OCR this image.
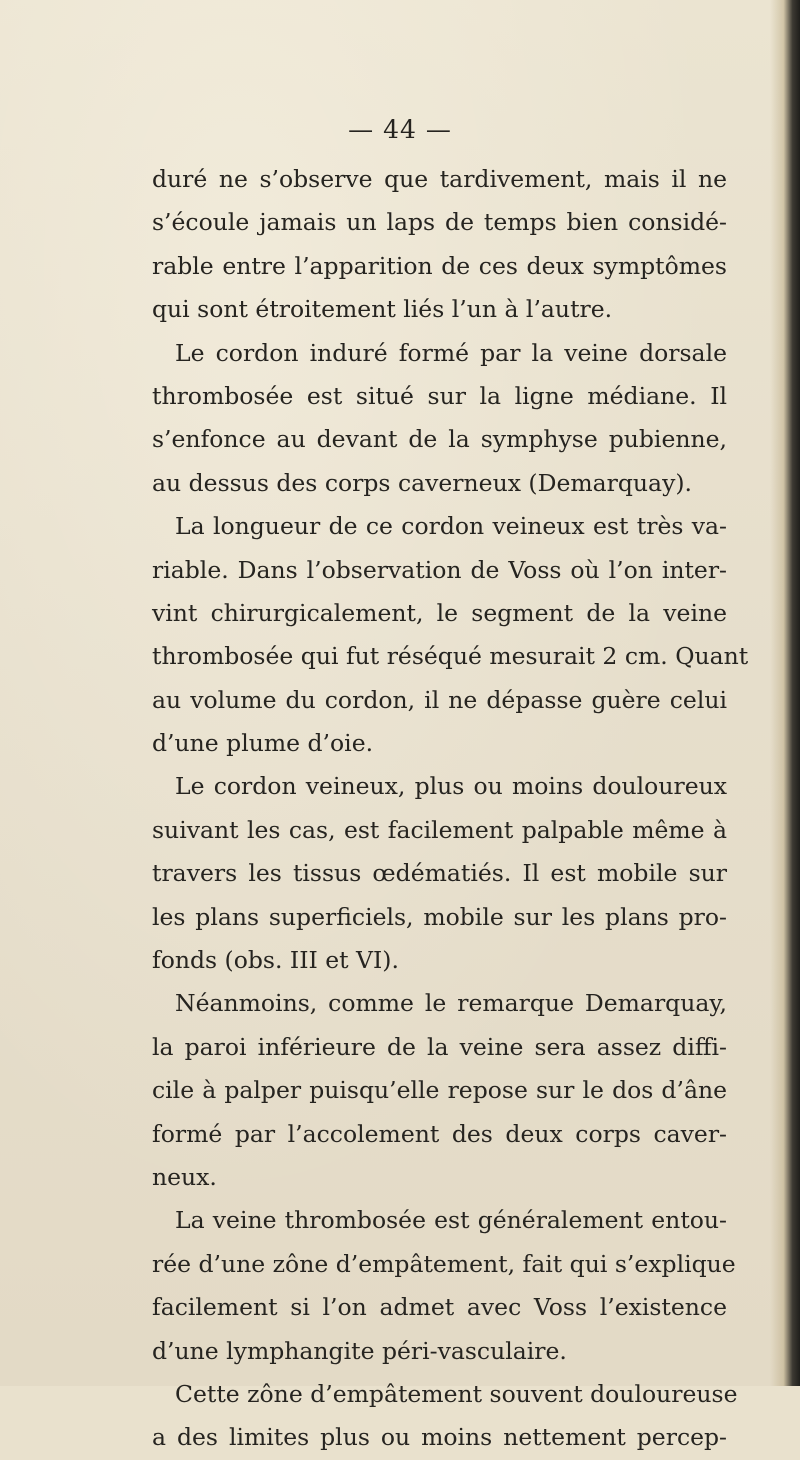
— 44 —
duré ne s’observe que tardivement, mais il ne
s’écoule jamais un laps de temps bien considé-
rable entre l’apparition de ces deux symptômes
qui sont étroitement liés l’un à l’autre.
Le cordon induré formé par la veine dorsale
thrombosée est situé sur la ligne médiane. Il
s’enfonce au devant de la symphyse pubienne,
au dessus des corps caverneux (Demarquay).
La longueur de ce cordon veineux est très va-
riable. Dans l’observation de Voss où l’on inter-
vint chirurgicalement, le segment de la veine
thrombosée qui fut réséqué mesurait 2 cm. Quant
au volume du cordon, il ne dépasse guère celui
d’une plume d’oie.
Le cordon veineux, plus ou moins douloureux
suivant les cas, est facilement palpable même à
travers les tissus œdématiés. Il est mobile sur
les plans superficiels, mobile sur les plans pro-
fonds (obs. III et VI).
Néanmoins, comme le remarque Demarquay,
la paroi inférieure de la veine sera assez diffi-
cile à palper puisqu’elle repose sur le dos d’âne
formé par l’accolement des deux corps caver-
neux.
La veine thrombosée est généralement entou-
rée d’une zône d’empâtement, fait qui s’explique
facilement si l’on admet avec Voss l’existence
d’une lymphangite péri-vasculaire.
Cette zône d’empâtement souvent douloureuse
a des limites plus ou moins nettement percep-
